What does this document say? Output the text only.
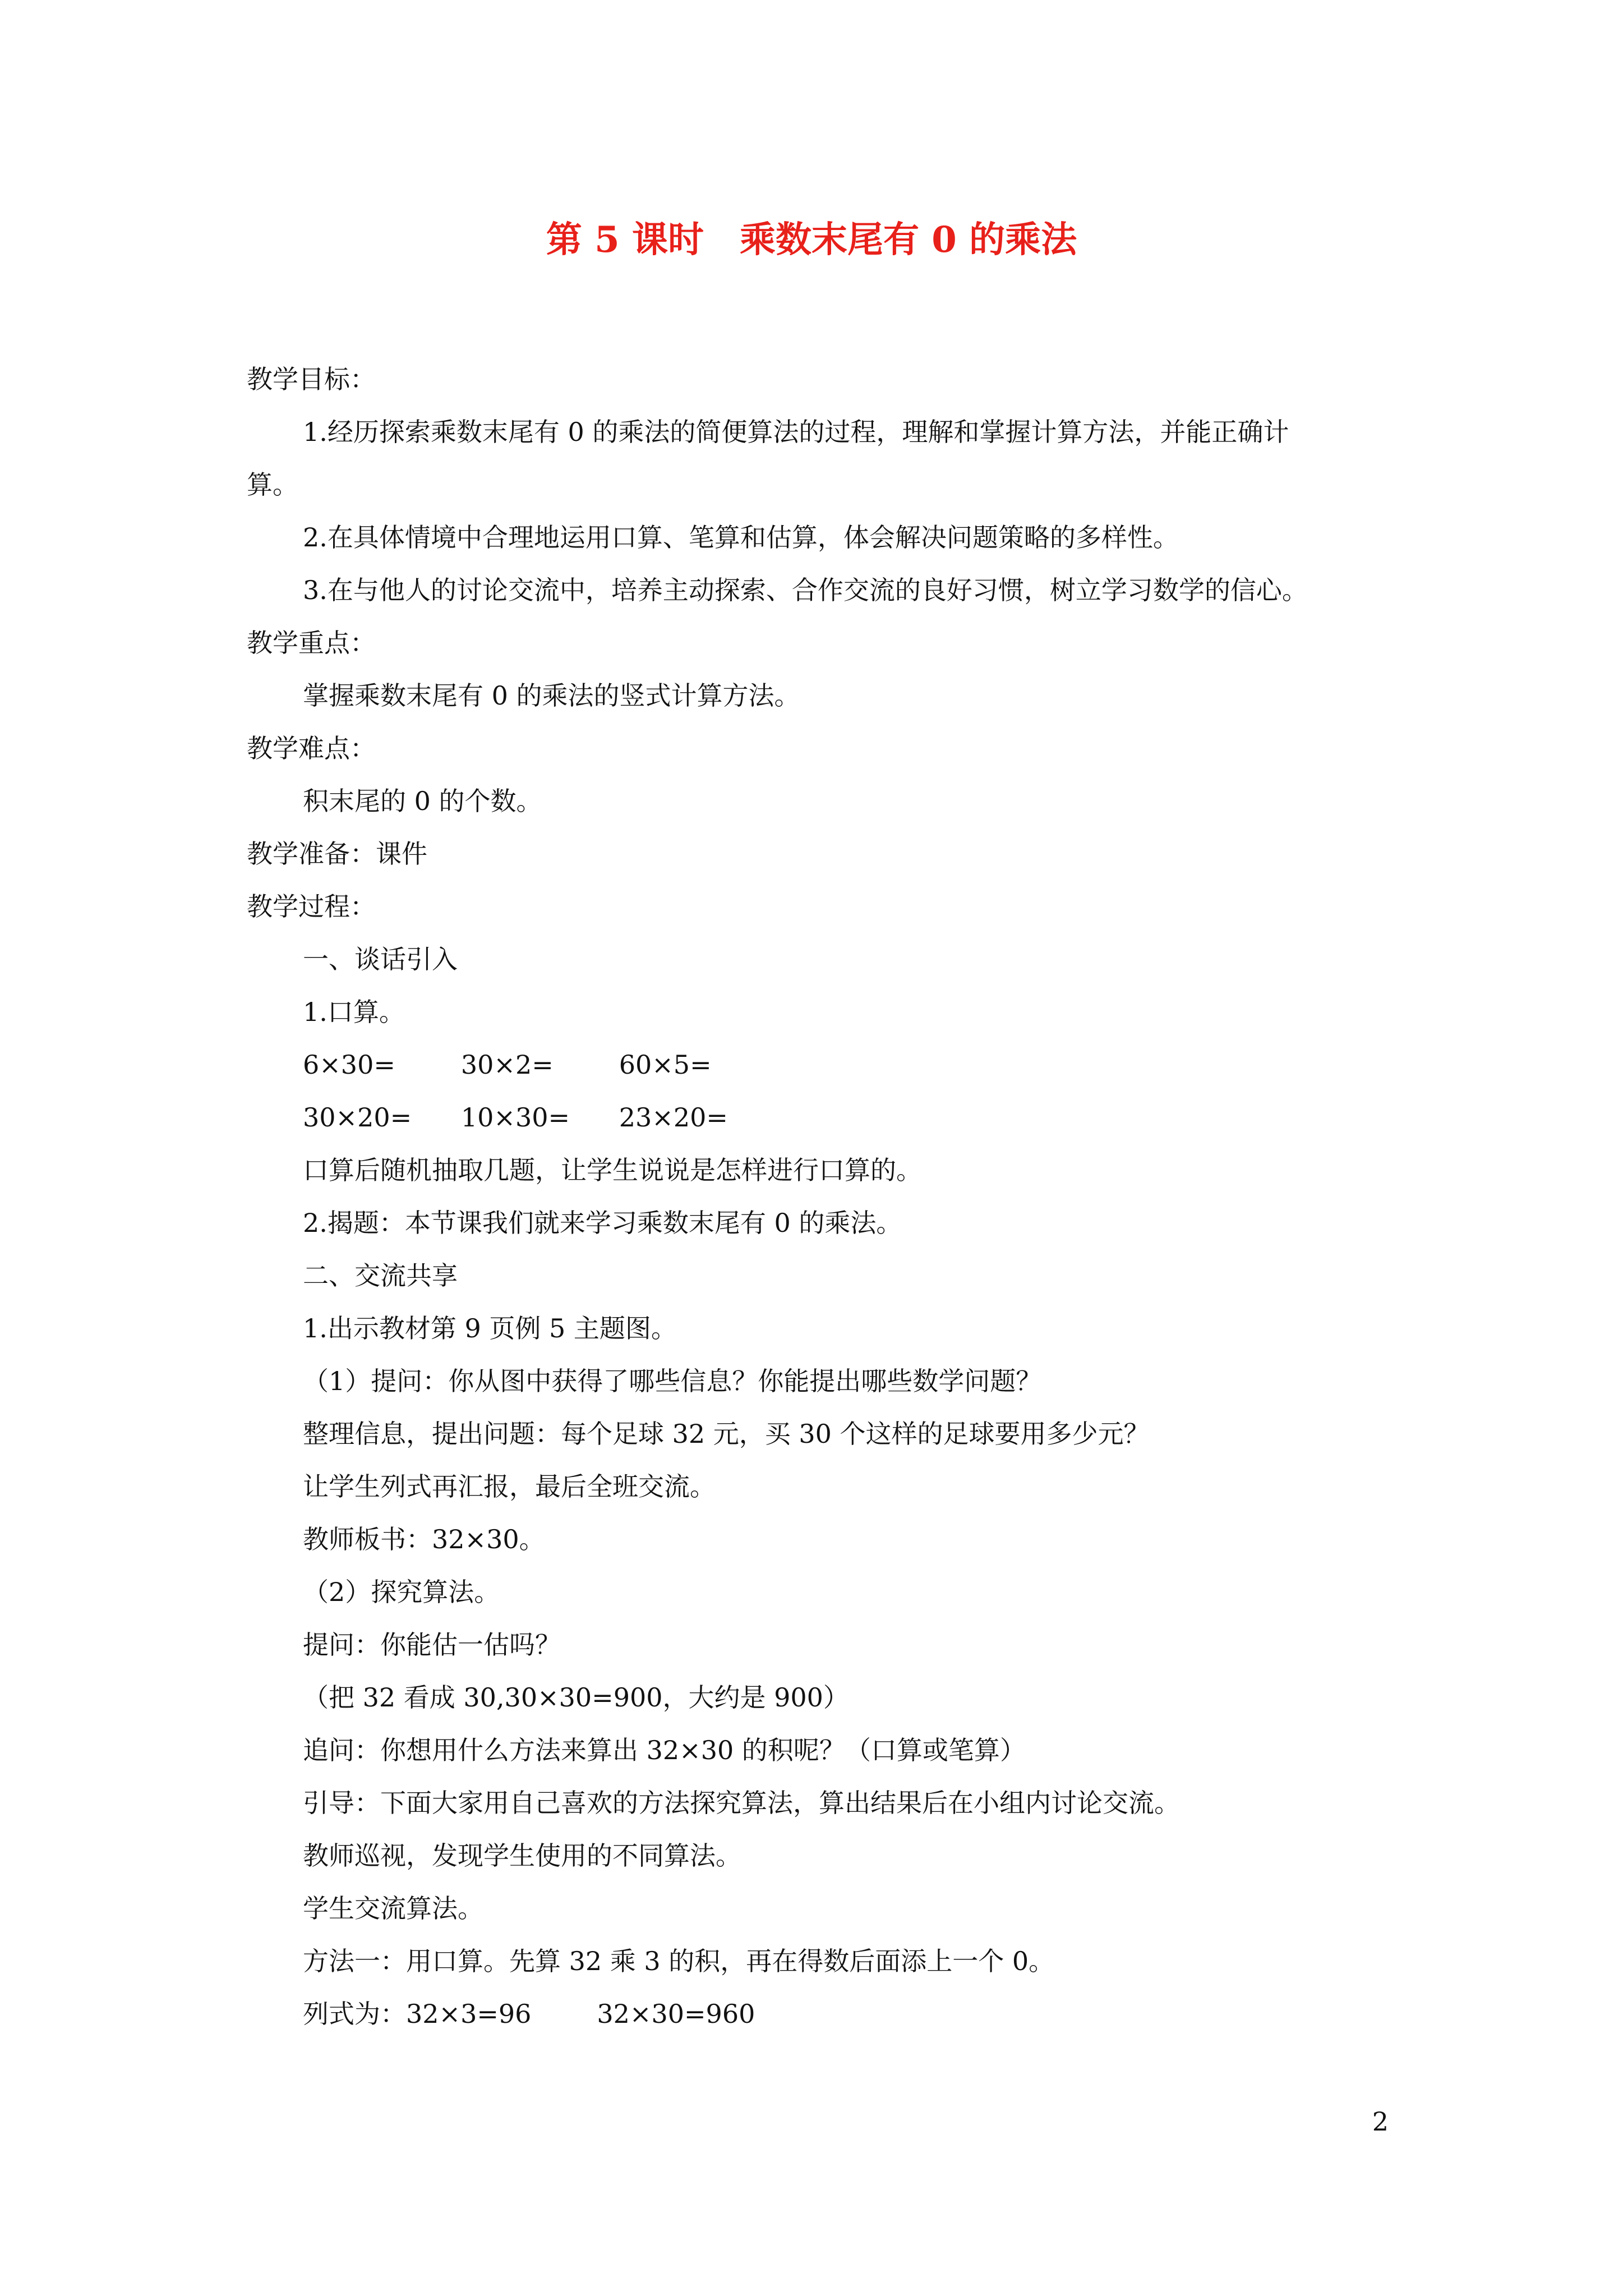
第 5 课时　乘数末尾有 0 的乘法
教学目标：
1.经历探索乘数末尾有 0 的乘法的简便算法的过程，理解和掌握计算方法，并能正确计
算。
2.在具体情境中合理地运用口算、笔算和估算，体会解决问题策略的多样性。
3.在与他人的讨论交流中，培养主动探索、合作交流的良好习惯，树立学习数学的信心。
教学重点：
掌握乘数末尾有 0 的乘法的竖式计算方法。
教学难点：
积末尾的 0 的个数。
教学准备：课件
教学过程：
一、谈话引入
1.口算。
6×30=        30×2=        60×5=
30×20=      10×30=      23×20=
口算后随机抽取几题，让学生说说是怎样进行口算的。
2.揭题：本节课我们就来学习乘数末尾有 0 的乘法。
二、交流共享
1.出示教材第 9 页例 5 主题图。
（1）提问：你从图中获得了哪些信息？你能提出哪些数学问题？
整理信息，提出问题：每个足球 32 元，买 30 个这样的足球要用多少元？
让学生列式再汇报，最后全班交流。
教师板书：32×30。
（2）探究算法。
提问：你能估一估吗？
（把 32 看成 30,30×30=900，大约是 900）
追问：你想用什么方法来算出 32×30 的积呢？（口算或笔算）
引导：下面大家用自己喜欢的方法探究算法，算出结果后在小组内讨论交流。
教师巡视，发现学生使用的不同算法。
学生交流算法。
方法一：用口算。先算 32 乘 3 的积，再在得数后面添上一个 0。
列式为：32×3=96        32×30=960
2
